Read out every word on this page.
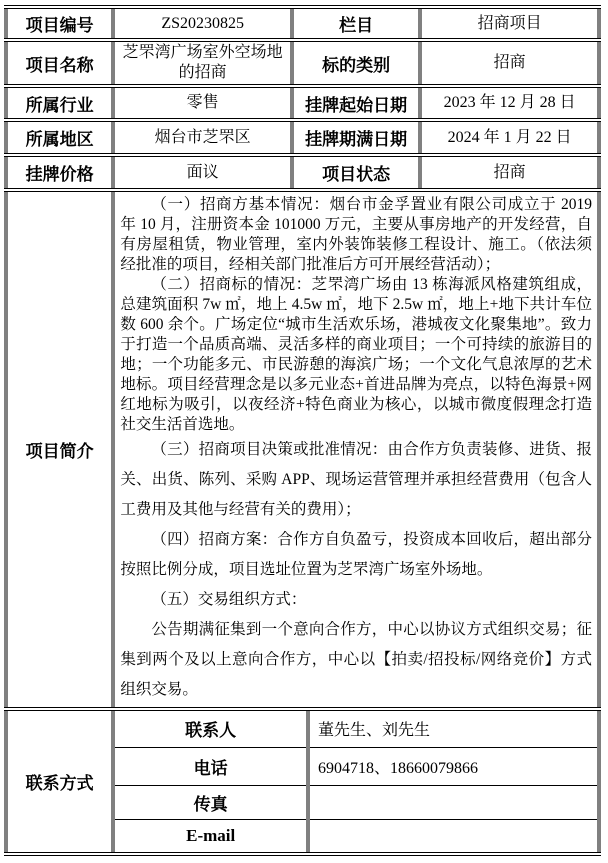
项目编号	ZS20230825	栏目		招商项目
项目名称	芝罘湾广场室外空场地的招商	标的类别		招商
所属行业	零售	挂牌起始日期		2023 年 12 月 28 日
所属地区	烟台市芝罘区	挂牌期满日期		2024 年 1 月 22 日
挂牌价格	面议	项目状态		招商
项目简介	

（一）招商方基本情况：烟台市金孚置业有限公司成立于 2019 年 10 月，注册资本金 101000 万元，主要从事房地产的开发经营，自有房屋租赁，物业管理，室内外装饰装修工程设计、施工。（依法须经批准的项目，经相关部门批准后方可开展经营活动）；

（二）招商标的情况：芝罘湾广场由 13 栋海派风格建筑组成，总建筑面积 7w ㎡，地上 4.5w ㎡，地下 2.5w ㎡，地上+地下共计车位数 600 余个。广场定位“城市生活欢乐场，港城夜文化聚集地”。致力于打造一个品质高端、灵活多样的商业项目；一个可持续的旅游目的地；一个功能多元、市民游憩的海滨广场；一个文化气息浓厚的艺术地标。项目经营理念是以多元业态+首进品牌为亮点，以特色海景+网红地标为吸引，以夜经济+特色商业为核心，以城市微度假理念打造社交生活首选地。

（三）招商项目决策或批准情况：由合作方负责装修、进货、报关、出货、陈列、采购 APP、现场运营管理并承担经营费用（包含人工费用及其他与经营有关的费用）；

（四）招商方案：合作方自负盈亏，投资成本回收后，超出部分按照比例分成，项目选址位置为芝罘湾广场室外场地。

（五）交易组织方式：

公告期满征集到一个意向合作方，中心以协议方式组织交易；征集到两个及以上意向合作方，中心以【拍卖/招投标/网络竞价】方式组织交易。

联系方式	联系人		董先生、刘先生	
	电话		6904718、18660079866	
	传真			
	E-mail			
